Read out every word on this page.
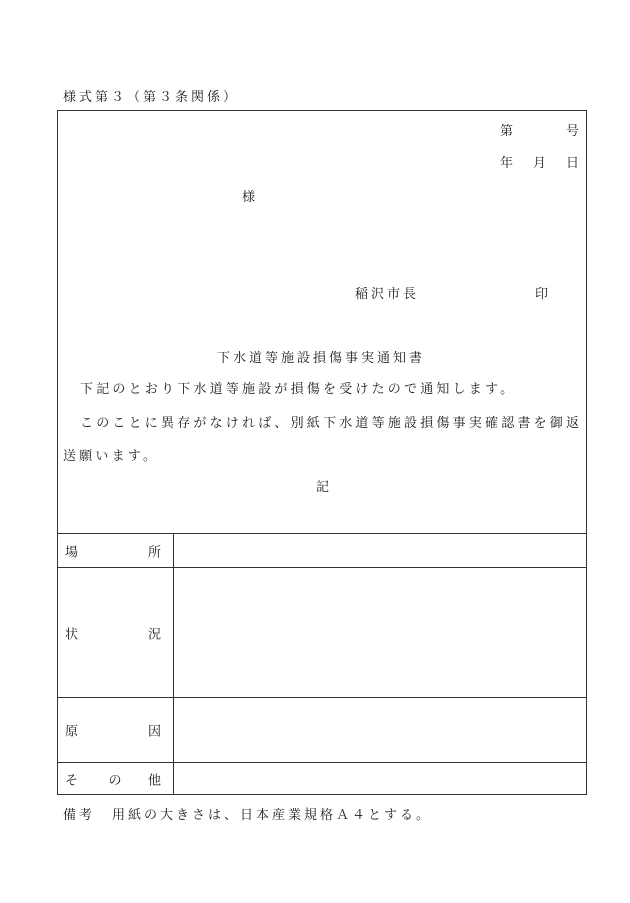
様式第３（第３条関係）
第	号
年 月 日
様
稲沢市長	印
下水道等施設損傷事実通知書
下記のとおり下水道等施設が損傷を受けたので通知します。
このことに異存がなければ、別紙下水道等施設損傷事実確認書を御返
送願います。
記
場 所	

状 況	

原 因	

そ の 他	

備考 用紙の大きさは、日本産業規格Ａ４とする。
